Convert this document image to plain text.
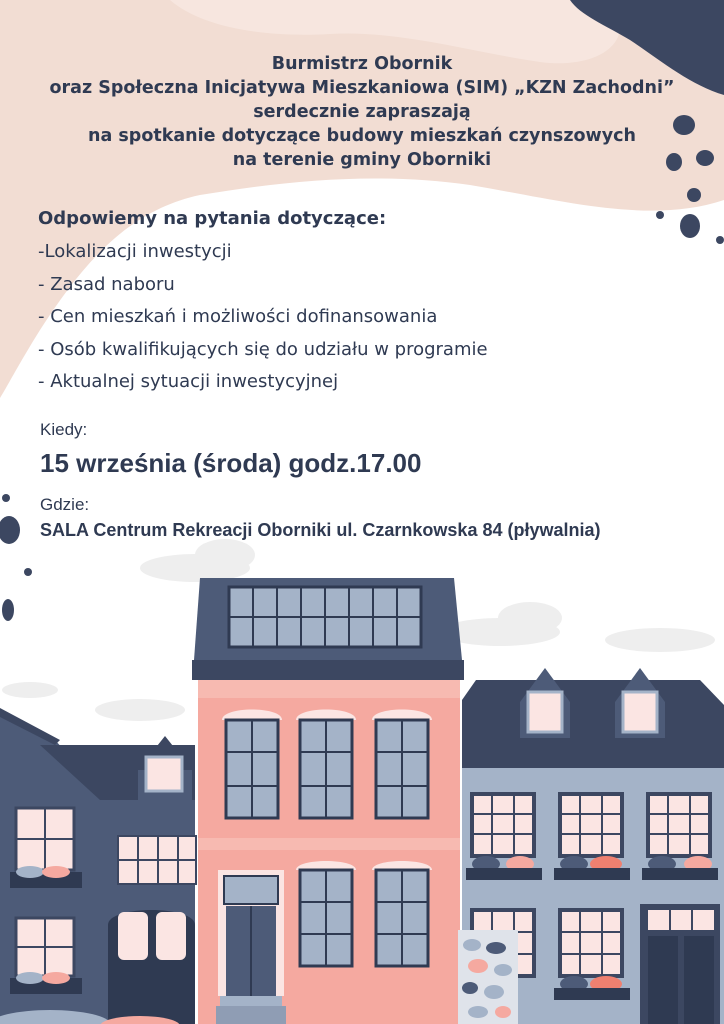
Burmistrz Obornik
oraz Społeczna Inicjatywa Mieszkaniowa (SIM) „KZN Zachodni”
serdecznie zapraszają
na spotkanie dotyczące budowy mieszkań czynszowych
na terenie gminy Oborniki
Odpowiemy na pytania dotyczące:
-Lokalizacji inwestycji
- Zasad naboru
- Cen mieszkań i możliwości dofinansowania
- Osób kwalifikujących się do udziału w programie
- Aktualnej sytuacji inwestycyjnej
Kiedy:
15 września (środa) godz.17.00
Gdzie:
SALA Centrum Rekreacji Oborniki ul. Czarnkowska 84 (pływalnia)
